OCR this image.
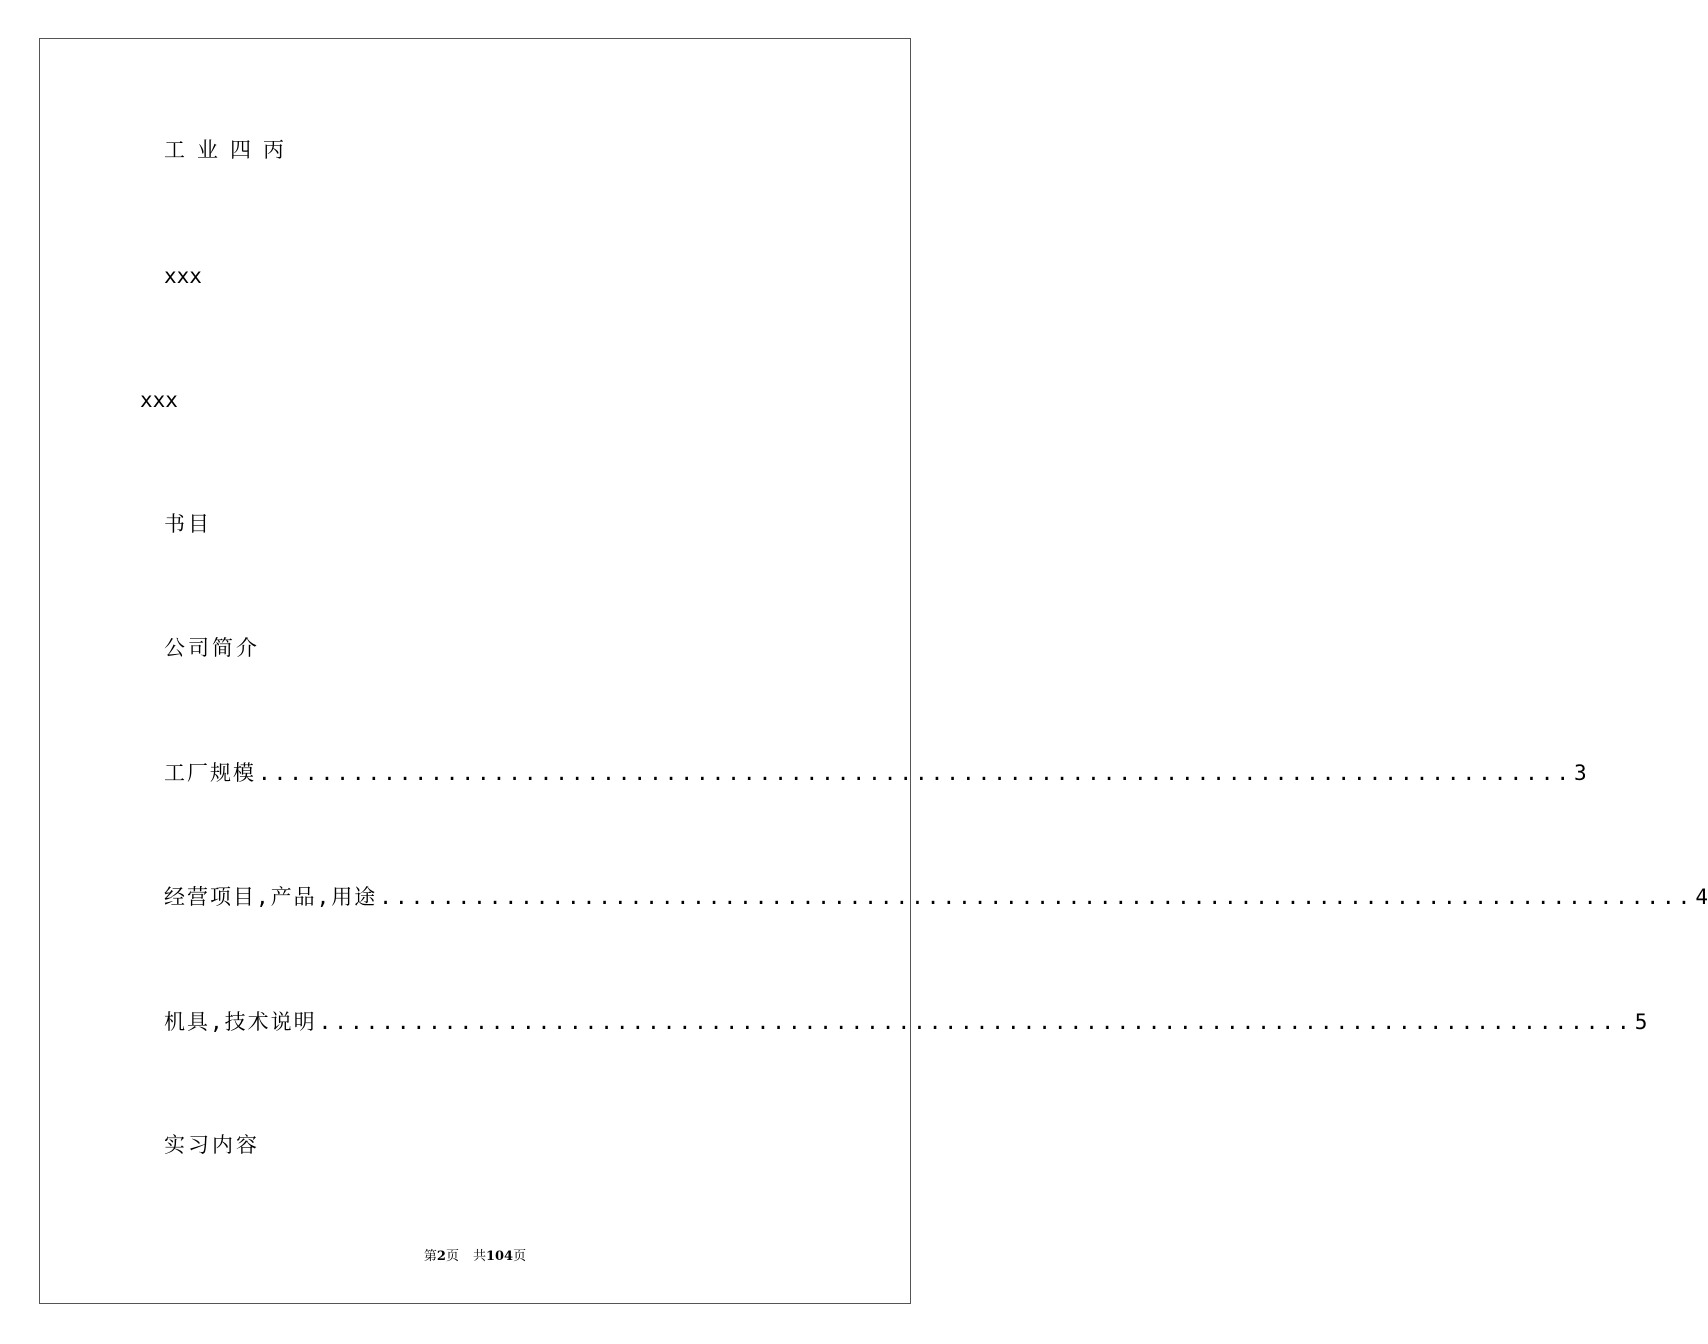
工业四丙
xxx
xxx
书目
公司简介
工厂规模 .................................................................................... 3
经营项目,产品,用途 .................................................................................... 4
机具,技术说明 .................................................................................... 5
实习内容
第2页 共104页
